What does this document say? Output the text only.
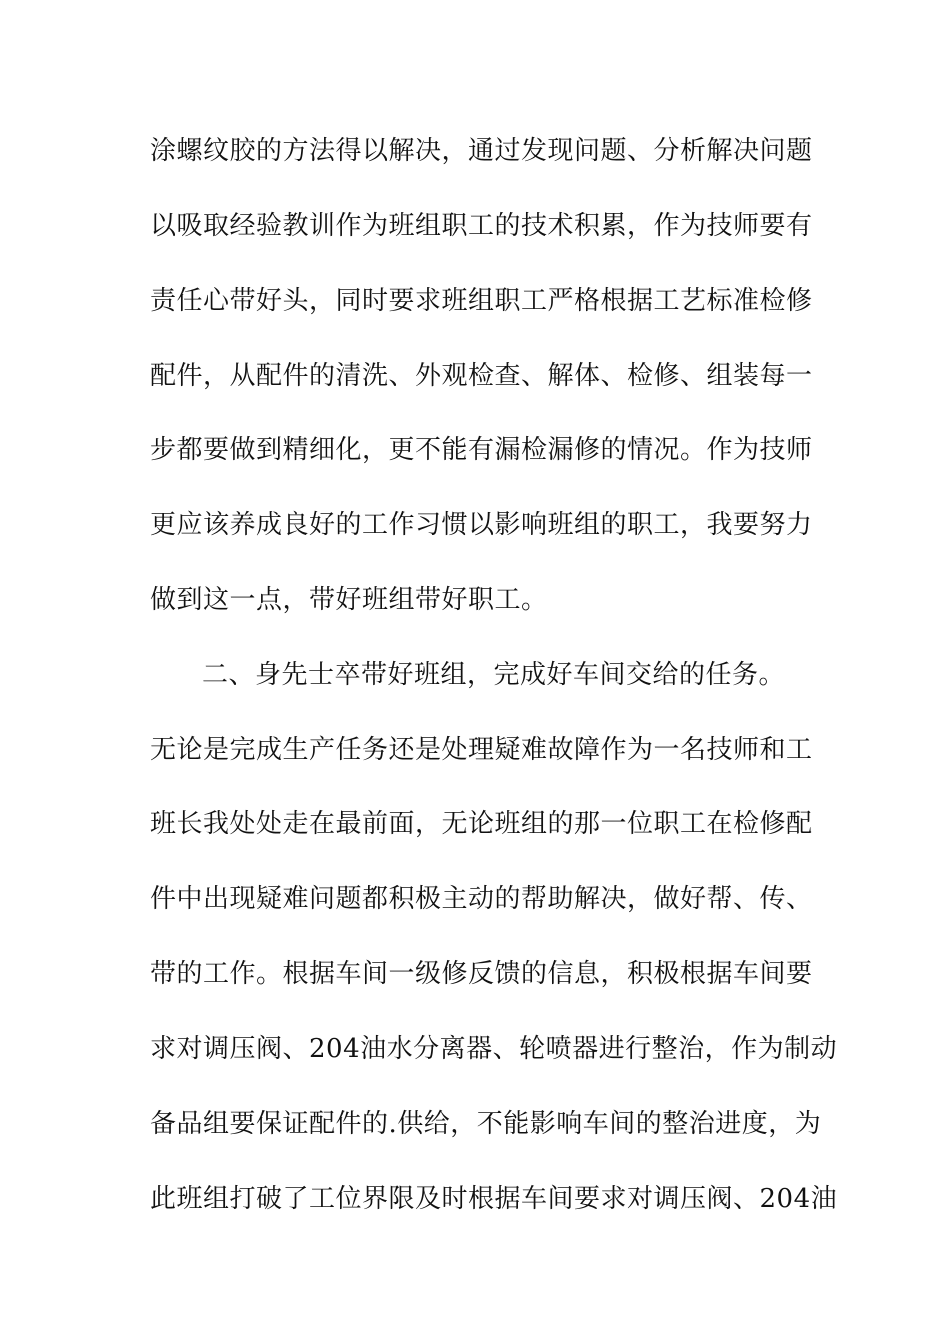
涂螺纹胶的方法得以解决，通过发现问题、分析解决问题
以吸取经验教训作为班组职工的技术积累，作为技师要有
责任心带好头，同时要求班组职工严格根据工艺标准检修
配件，从配件的清洗、外观检查、解体、检修、组装每一
步都要做到精细化，更不能有漏检漏修的情况。作为技师
更应该养成良好的工作习惯以影响班组的职工，我要努力
做到这一点，带好班组带好职工。
二、身先士卒带好班组，完成好车间交给的任务。
无论是完成生产任务还是处理疑难故障作为一名技师和工
班长我处处走在最前面，无论班组的那一位职工在检修配
件中出现疑难问题都积极主动的帮助解决，做好帮、传、
带的工作。根据车间一级修反馈的信息，积极根据车间要
求对调压阀、204油水分离器、轮喷器进行整治，作为制动
备品组要保证配件的.供给，不能影响车间的整治进度，为
此班组打破了工位界限及时根据车间要求对调压阀、204油
